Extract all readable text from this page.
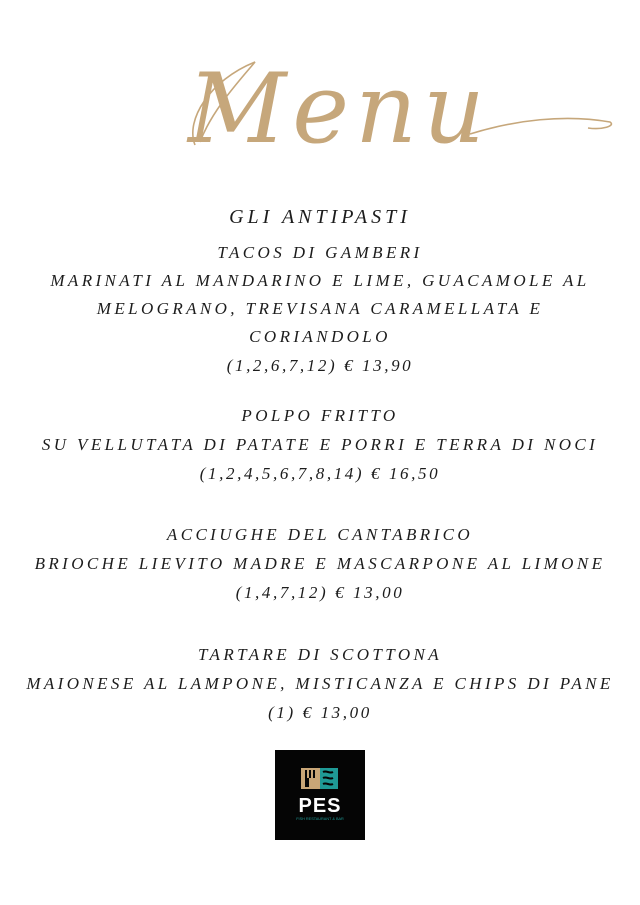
Menu
GLI ANTIPASTI
TACOS DI GAMBERI
MARINATI AL MANDARINO E LIME, GUACAMOLE AL
MELOGRANO, TREVISANA CARAMELLATA E
CORIANDOLO
(1,2,6,7,12) € 13,90
POLPO FRITTO
SU VELLUTATA DI PATATE E PORRI E TERRA DI NOCI
(1,2,4,5,6,7,8,14) € 16,50
ACCIUGHE DEL CANTABRICO
BRIOCHE LIEVITO MADRE E MASCARPONE AL LIMONE
(1,4,7,12) € 13,00
TARTARE DI SCOTTONA
MAIONESE AL LAMPONE, MISTICANZA E CHIPS DI PANE
(1) € 13,00
PES
FISH RESTAURANT & BAR
